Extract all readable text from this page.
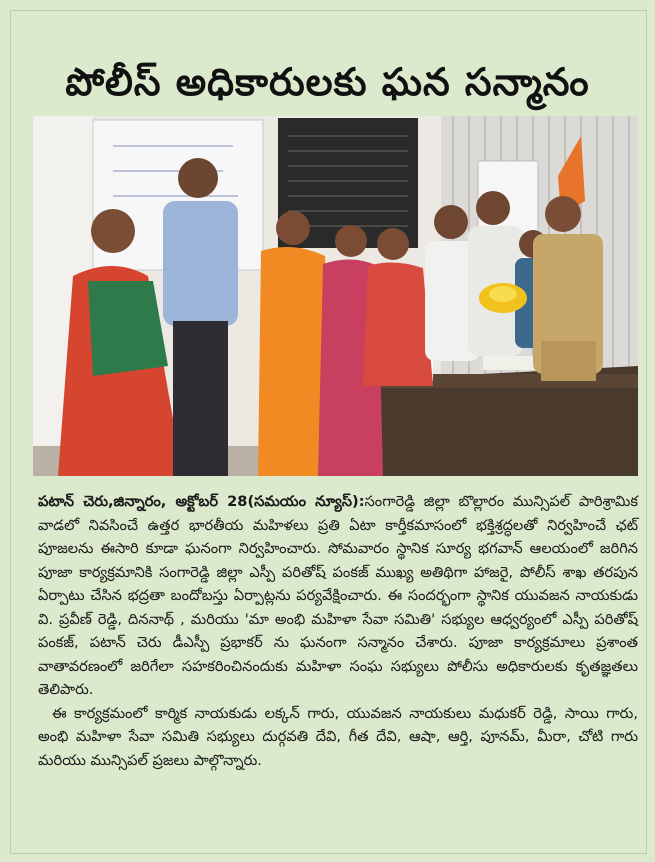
పోలీస్ అధికారులకు ఘన సన్మానం

పటాన్ చెరు,జిన్నారం, అక్టోబర్ 28(సమయం న్యూస్):సంగారెడ్డి జిల్లా బొల్లారం మున్సిపల్ పారిశ్రామిక వాడలో నివసించే ఉత్తర భారతీయ మహిళలు ప్రతి ఏటా కార్తీకమాసంలో భక్తిశ్రద్ధలతో నిర్వహించే ఛట్ పూజలను ఈసారి కూడా ఘనంగా నిర్వహించారు. సోమవారం స్థానిక సూర్య భగవాన్ ఆలయంలో జరిగిన పూజా కార్యక్రమానికి సంగారెడ్డి జిల్లా ఎస్పీ పరితోష్ పంకజ్ ముఖ్య అతిథిగా హాజరై, పోలీస్ శాఖ తరపున ఏర్పాటు చేసిన భద్రతా బందోబస్తు ఏర్పాట్లను పర్యవేక్షించారు. ఈ సందర్భంగా స్థానిక యువజన నాయకుడు వి. ప్రవీణ్ రెడ్డి, దిననాథ్ , మరియు 'మా అంభి మహిళా సేవా సమితి' సభ్యుల ఆధ్వర్యంలో ఎస్పీ పరితోష్ పంకజ్, పటాన్ చెరు డీఎస్పీ ప్రభాకర్ ను ఘనంగా సన్మానం చేశారు. పూజా కార్యక్రమాలు ప్రశాంత వాతావరణంలో జరిగేలా సహకరించినందుకు మహిళా సంఘ సభ్యులు పోలీసు అధికారులకు కృతజ్ఞతలు తెలిపారు.

ఈ కార్యక్రమంలో కార్మిక నాయకుడు లక్కన్ గారు, యువజన నాయకులు మధుకర్ రెడ్డి, సాయి గారు, అంభి మహిళా సేవా సమితి సభ్యులు దుర్గవతి దేవి, గీత దేవి, ఆషా, ఆర్తి, పూనమ్, మీరా, చోటి గారు మరియు మున్సిపల్ ప్రజలు పాల్గొన్నారు.
